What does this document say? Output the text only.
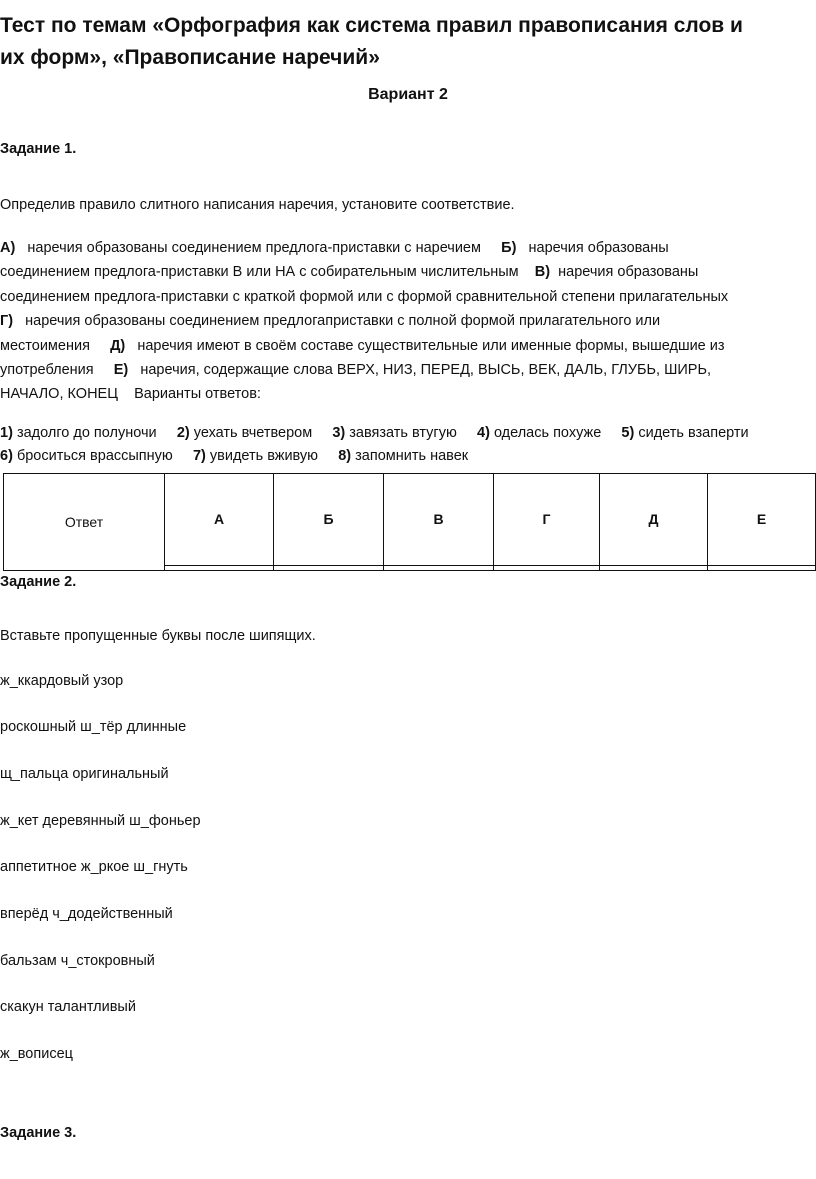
Тест по темам «Орфография как система правил правописания слов и
их форм», «Правописание наречий»
Вариант 2
Задание 1.
Определив правило слитного написания наречия, установите соответствие.
А) наречия образованы соединением предлога-приставки с наречием Б) наречия образованы
соединением предлога-приставки В или НА с собирательным числительным В) наречия образованы
соединением предлога-приставки с краткой формой или с формой сравнительной степени прилагательных
Г) наречия образованы соединением предлогаприставки с полной формой прилагательного или
местоимения Д) наречия имеют в своём составе существительные или именные формы, вышедшие из
употребления Е) наречия, содержащие слова ВЕРХ, НИЗ, ПЕРЕД, ВЫСЬ, ВЕК, ДАЛЬ, ГЛУБЬ, ШИРЬ,
НАЧАЛО, КОНЕЦ Варианты ответов:
1) задолго до полуночи 2) уехать вчетвером 3) завязать втугую 4) оделась похуже 5) сидеть взаперти
6) броситься врассыпную 7) увидеть вживую 8) запомнить навек
Ответ	А	Б	В	Г	Д	Е

Задание 2.
Вставьте пропущенные буквы после шипящих.
ж_ккардовый узор
роскошный ш_тёр длинные
щ_пальца оригинальный
ж_кет деревянный ш_фоньер
аппетитное ж_ркое ш_гнуть
вперёд ч_додейственный
бальзам ч_стокровный
скакун талантливый
ж_вописец
Задание 3.
